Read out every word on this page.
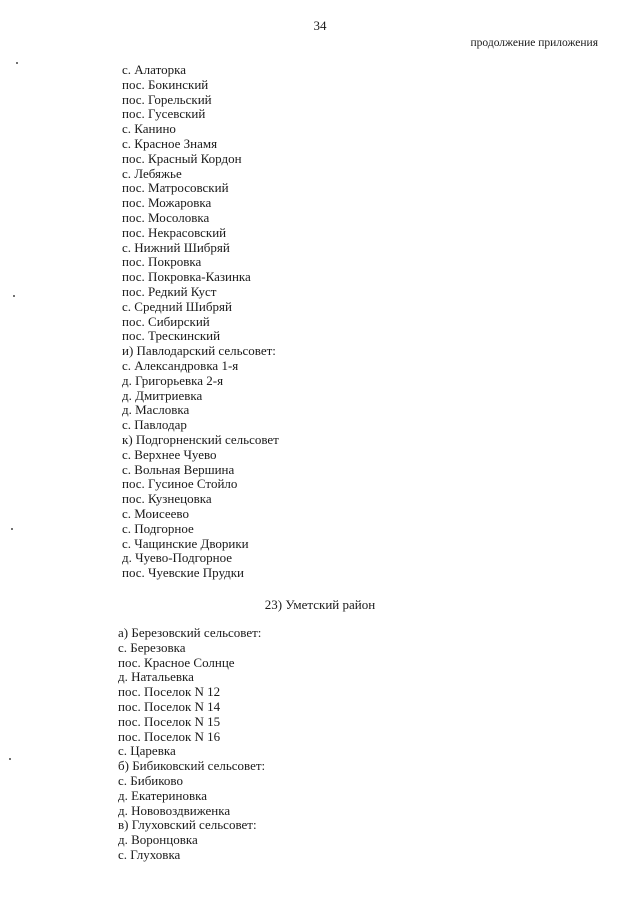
34
продолжение приложения
с. Алаторка
пос. Бокинский
пос. Горельский
пос. Гусевский
с. Канино
с. Красное Знамя
пос. Красный Кордон
с. Лебяжье
пос. Матросовский
пос. Можаровка
пос. Мосоловка
пос. Некрасовский
с. Нижний Шибряй
пос. Покровка
пос. Покровка-Казинка
пос. Редкий Куст
с. Средний Шибряй
пос. Сибирский
пос. Трескинский
и) Павлодарский сельсовет:
с. Александровка 1-я
д. Григорьевка 2-я
д. Дмитриевка
д. Масловка
с. Павлодар
к) Подгорненский сельсовет
с. Верхнее Чуево
с. Вольная Вершина
пос. Гусиное Стойло
пос. Кузнецовка
с. Моисеево
с. Подгорное
с. Чащинские Дворики
д. Чуево-Подгорное
пос. Чуевские Прудки
23) Уметский район
а) Березовский сельсовет:
с. Березовка
пос. Красное Солнце
д. Натальевка
пос. Поселок N 12
пос. Поселок N 14
пос. Поселок N 15
пос. Поселок N 16
с. Царевка
б) Бибиковский сельсовет:
с. Бибиково
д. Екатериновка
д. Нововоздвиженка
в) Глуховский сельсовет:
д. Воронцовка
с. Глуховка
